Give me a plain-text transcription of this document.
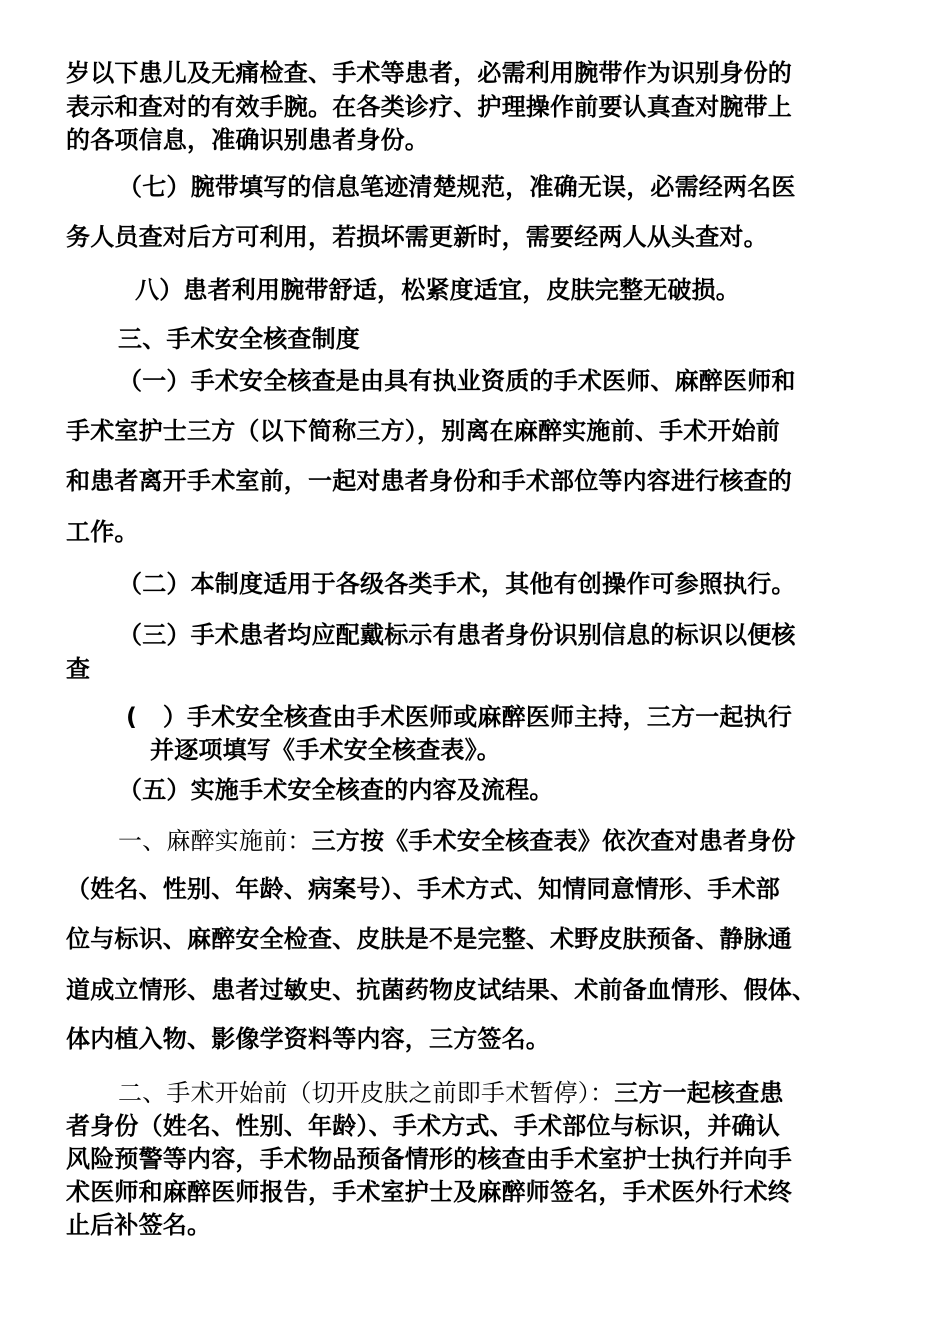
岁以下患儿及无痛检查、手术等患者，必需利用腕带作为识别身份的
表示和查对的有效手腕。在各类诊疗、护理操作前要认真查对腕带上
的各项信息，准确识别患者身份。
（七）腕带填写的信息笔迹清楚规范，准确无误，必需经两名医
务人员查对后方可利用，若损坏需更新时，需要经两人从头查对。
八）患者利用腕带舒适，松紧度适宜，皮肤完整无破损。
三、手术安全核查制度
（一）手术安全核查是由具有执业资质的手术医师、麻醉医师和
手术室护士三方（以下简称三方），别离在麻醉实施前、手术开始前
和患者离开手术室前，一起对患者身份和手术部位等内容进行核查的
工作。
（二）本制度适用于各级各类手术，其他有创操作可参照执行。
（三）手术患者均应配戴标示有患者身份识别信息的标识以便核
查
(   ）手术安全核查由手术医师或麻醉医师主持，三方一起执行
并逐项填写《手术安全核查表》。
（五）实施手术安全核查的内容及流程。
一、麻醉实施前：三方按《手术安全核查表》依次查对患者身份
（姓名、性别、年龄、病案号）、手术方式、知情同意情形、手术部
位与标识、麻醉安全检查、皮肤是不是完整、术野皮肤预备、静脉通
道成立情形、患者过敏史、抗菌药物皮试结果、术前备血情形、假体、
体内植入物、影像学资料等内容，三方签名。
二、手术开始前（切开皮肤之前即手术暂停）：三方一起核查患
者身份（姓名、性别、年龄）、手术方式、手术部位与标识，并确认
风险预警等内容，手术物品预备情形的核查由手术室护士执行并向手
术医师和麻醉医师报告，手术室护士及麻醉师签名，手术医外行术终
止后补签名。
